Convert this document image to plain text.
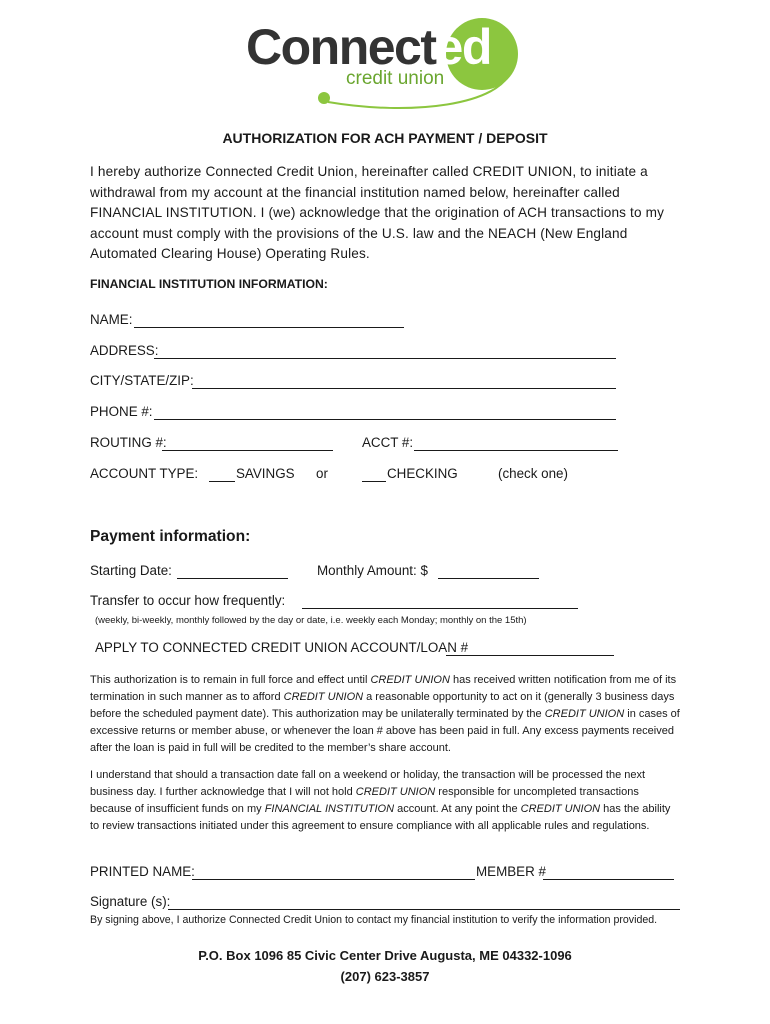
Connected
credit union
AUTHORIZATION FOR ACH PAYMENT / DEPOSIT
I hereby authorize Connected Credit Union, hereinafter called CREDIT UNION, to initiate a withdrawal from my account at the financial institution named below, hereinafter called FINANCIAL INSTITUTION. I (we) acknowledge that the origination of ACH transactions to my account must comply with the provisions of the U.S. law and the NEACH (New England Automated Clearing House) Operating Rules.
FINANCIAL INSTITUTION INFORMATION:
NAME:
ADDRESS:
CITY/STATE/ZIP:
PHONE #:
ROUTING #:	ACCT #:
ACCOUNT TYPE:	SAVINGS or	CHECKING	(check one)
Payment information:
Starting Date:	Monthly Amount: $
Transfer to occur how frequently:
(weekly, bi-weekly, monthly followed by the day or date, i.e. weekly each Monday; monthly on the 15th)
APPLY TO CONNECTED CREDIT UNION ACCOUNT/LOAN #
This authorization is to remain in full force and effect until CREDIT UNION has received written notification from me of its termination in such manner as to afford CREDIT UNION a reasonable opportunity to act on it (generally 3 business days before the scheduled payment date). This authorization may be unilaterally terminated by the CREDIT UNION in cases of excessive returns or member abuse, or whenever the loan # above has been paid in full. Any excess payments received after the loan is paid in full will be credited to the member’s share account.
I understand that should a transaction date fall on a weekend or holiday, the transaction will be processed the next business day. I further acknowledge that I will not hold CREDIT UNION responsible for uncompleted transactions because of insufficient funds on my FINANCIAL INSTITUTION account. At any point the CREDIT UNION has the ability to review transactions initiated under this agreement to ensure compliance with all applicable rules and regulations.
PRINTED NAME:	MEMBER #
Signature (s):
By signing above, I authorize Connected Credit Union to contact my financial institution to verify the information provided.
P.O. Box 1096 85 Civic Center Drive Augusta, ME 04332-1096
(207) 623-3857
